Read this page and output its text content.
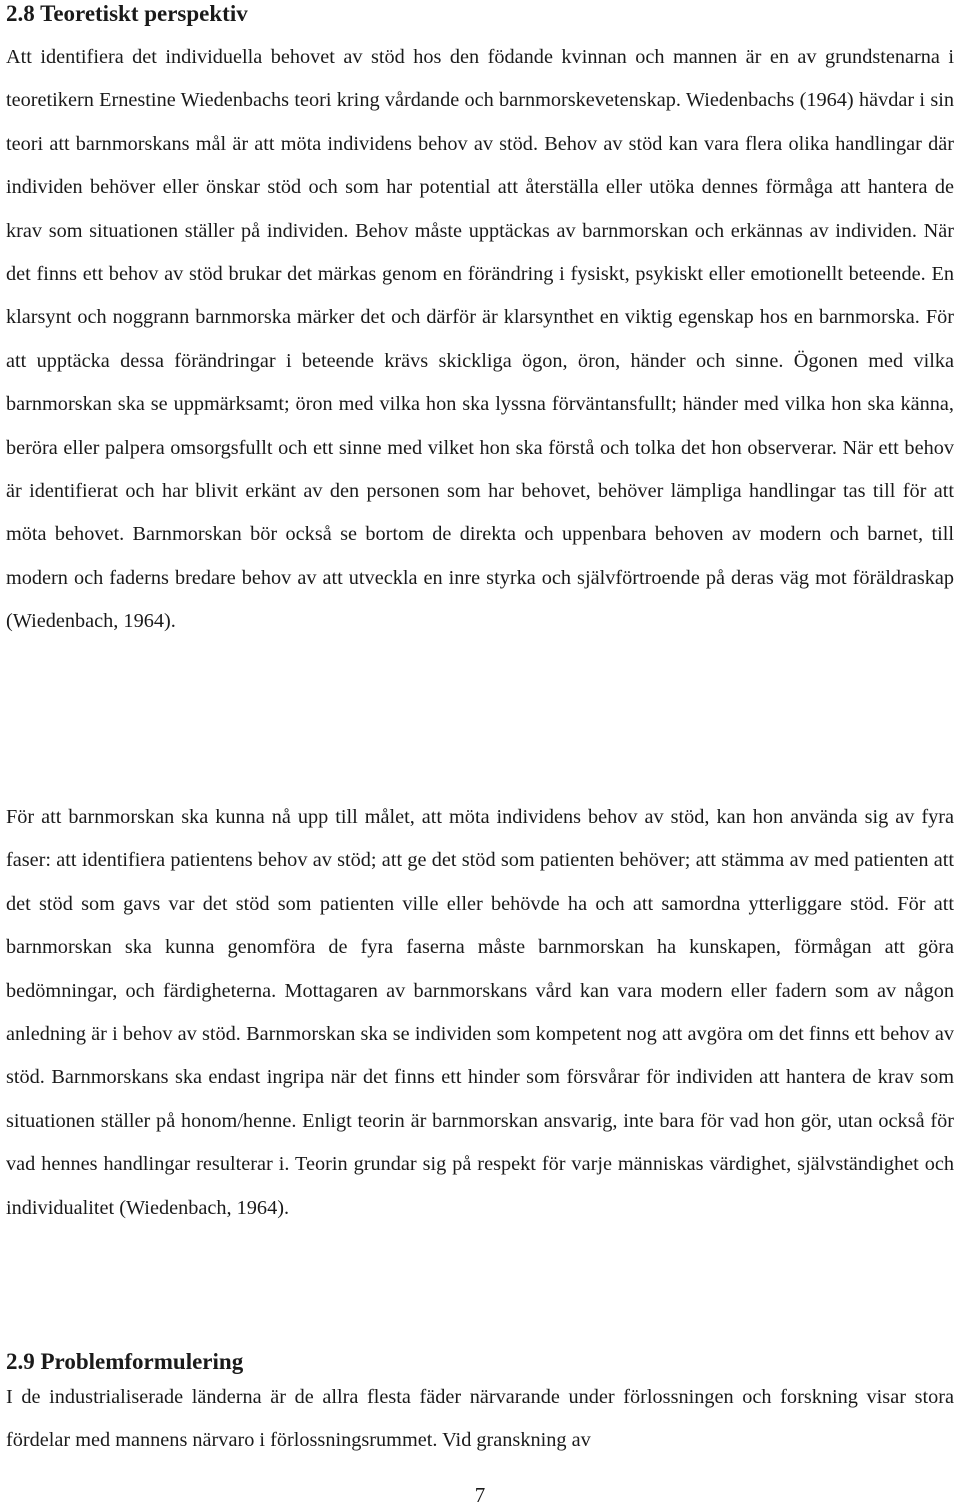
2.8 Teoretiskt perspektiv

Att identifiera det individuella behovet av stöd hos den födande kvinnan och mannen är en av grundstenarna i teoretikern Ernestine Wiedenbachs teori kring vårdande och barnmorskevetenskap. Wiedenbachs (1964) hävdar i sin teori att barnmorskans mål är att möta individens behov av stöd. Behov av stöd kan vara flera olika handlingar där individen behöver eller önskar stöd och som har potential att återställa eller utöka dennes förmåga att hantera de krav som situationen ställer på individen. Behov måste upptäckas av barnmorskan och erkännas av individen. När det finns ett behov av stöd brukar det märkas genom en förändring i fysiskt, psykiskt eller emotionellt beteende. En klarsynt och noggrann barnmorska märker det och därför är klarsynthet en viktig egenskap hos en barnmorska. För att upptäcka dessa förändringar i beteende krävs skickliga ögon, öron, händer och sinne. Ögonen med vilka barnmorskan ska se uppmärksamt; öron med vilka hon ska lyssna förväntansfullt; händer med vilka hon ska känna, beröra eller palpera omsorgsfullt och ett sinne med vilket hon ska förstå och tolka det hon observerar. När ett behov är identifierat och har blivit erkänt av den personen som har behovet, behöver lämpliga handlingar tas till för att möta behovet. Barnmorskan bör också se bortom de direkta och uppenbara behoven av modern och barnet, till modern och faderns bredare behov av att utveckla en inre styrka och självförtroende på deras väg mot föräldraskap (Wiedenbach, 1964).

För att barnmorskan ska kunna nå upp till målet, att möta individens behov av stöd, kan hon använda sig av fyra faser: att identifiera patientens behov av stöd; att ge det stöd som patienten behöver; att stämma av med patienten att det stöd som gavs var det stöd som patienten ville eller behövde ha och att samordna ytterliggare stöd. För att barnmorskan ska kunna genomföra de fyra faserna måste barnmorskan ha kunskapen, förmågan att göra bedömningar, och färdigheterna. Mottagaren av barnmorskans vård kan vara modern eller fadern som av någon anledning är i behov av stöd. Barnmorskan ska se individen som kompetent nog att avgöra om det finns ett behov av stöd. Barnmorskans ska endast ingripa när det finns ett hinder som försvårar för individen att hantera de krav som situationen ställer på honom/henne. Enligt teorin är barnmorskan ansvarig, inte bara för vad hon gör, utan också för vad hennes handlingar resulterar i. Teorin grundar sig på respekt för varje människas värdighet, självständighet och individualitet (Wiedenbach, 1964).

2.9 Problemformulering

I de industrialiserade länderna är de allra flesta fäder närvarande under förlossningen och forskning visar stora fördelar med mannens närvaro i förlossningsrummet. Vid granskning av

7
